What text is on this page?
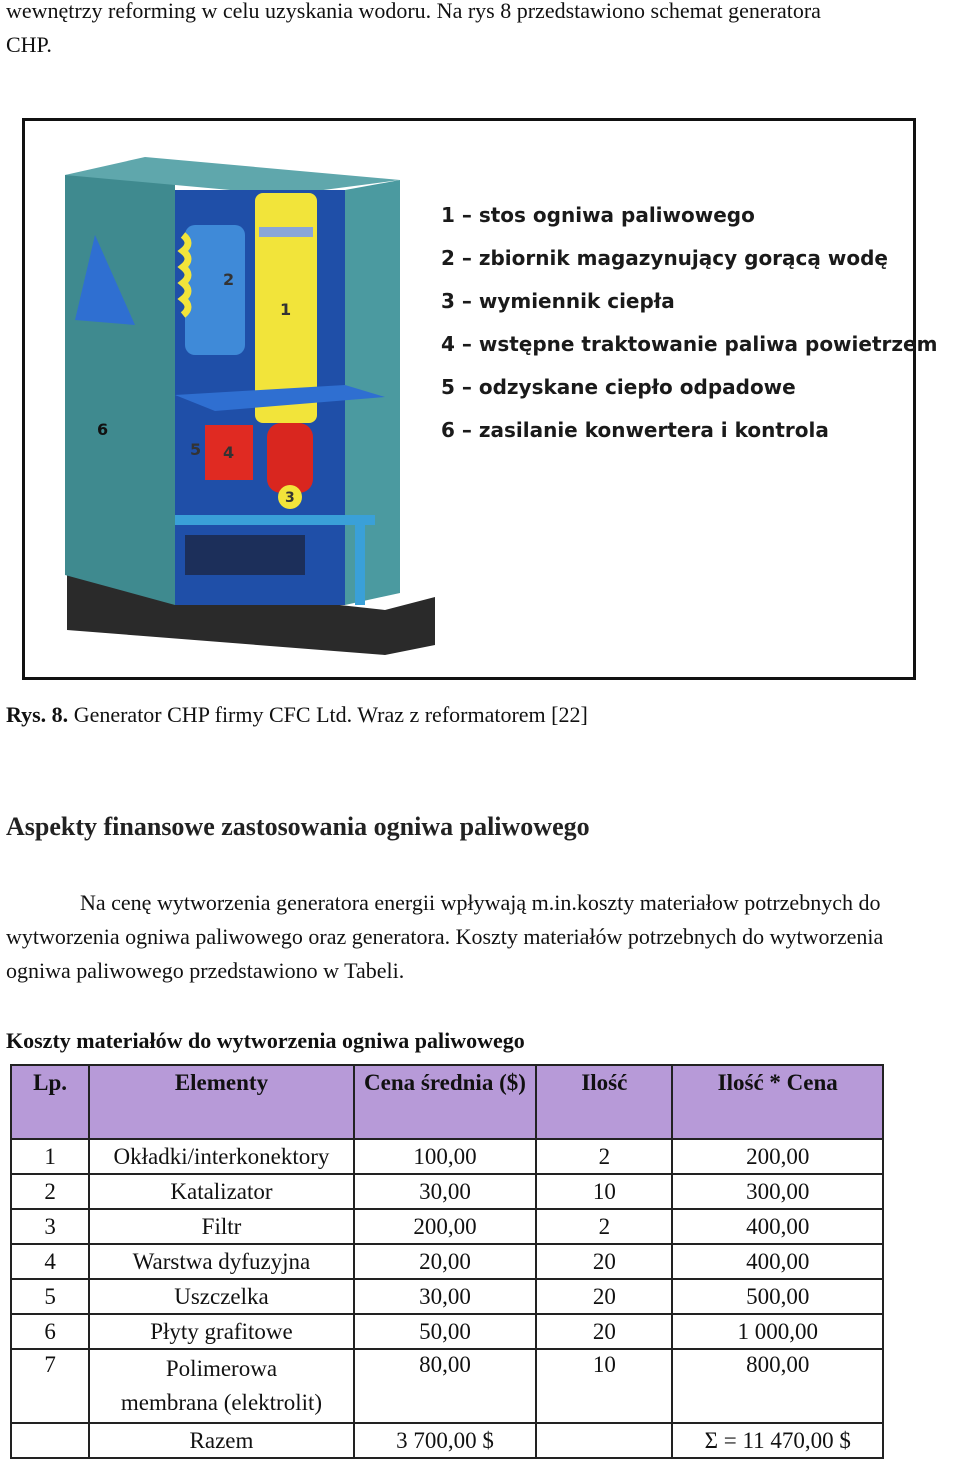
wewnętrzy reforming w celu uzyskania wodoru. Na rys 8 przedstawiono schemat generatora
CHP.
1
2
3
4
5
6
1 – stos ogniwa paliwowego
2 – zbiornik magazynujący gorącą wodę
3 – wymiennik ciepła
4 – wstępne traktowanie paliwa powietrzem
5 – odzyskane ciepło odpadowe
6 – zasilanie konwertera i kontrola
Rys. 8. Generator CHP firmy CFC Ltd. Wraz z reformatorem [22]
Aspekty finansowe zastosowania ogniwa paliwowego
Na cenę wytworzenia generatora energii wpływają m.in.koszty materiałow potrzebnych do wytworzenia ogniwa paliwowego oraz generatora. Koszty materiałów potrzebnych do wytworzenia ogniwa paliwowego przedstawiono w Tabeli.
Koszty materiałów do wytworzenia ogniwa paliwowego
Lp.	Elementy	Cena średnia ($)	Ilość	Ilość * Cena
1	Okładki/interkonektory	100,00	2	200,00
2	Katalizator	30,00	10	300,00
3	Filtr	200,00	2	400,00
4	Warstwa dyfuzyjna	20,00	20	400,00
5	Uszczelka	30,00	20	500,00
6	Płyty grafitowe	50,00	20	1 000,00
7	Polimerowa membrana (elektrolit)	80,00	10	800,00
	Razem	3 700,00 $		Σ = 11 470,00 $
